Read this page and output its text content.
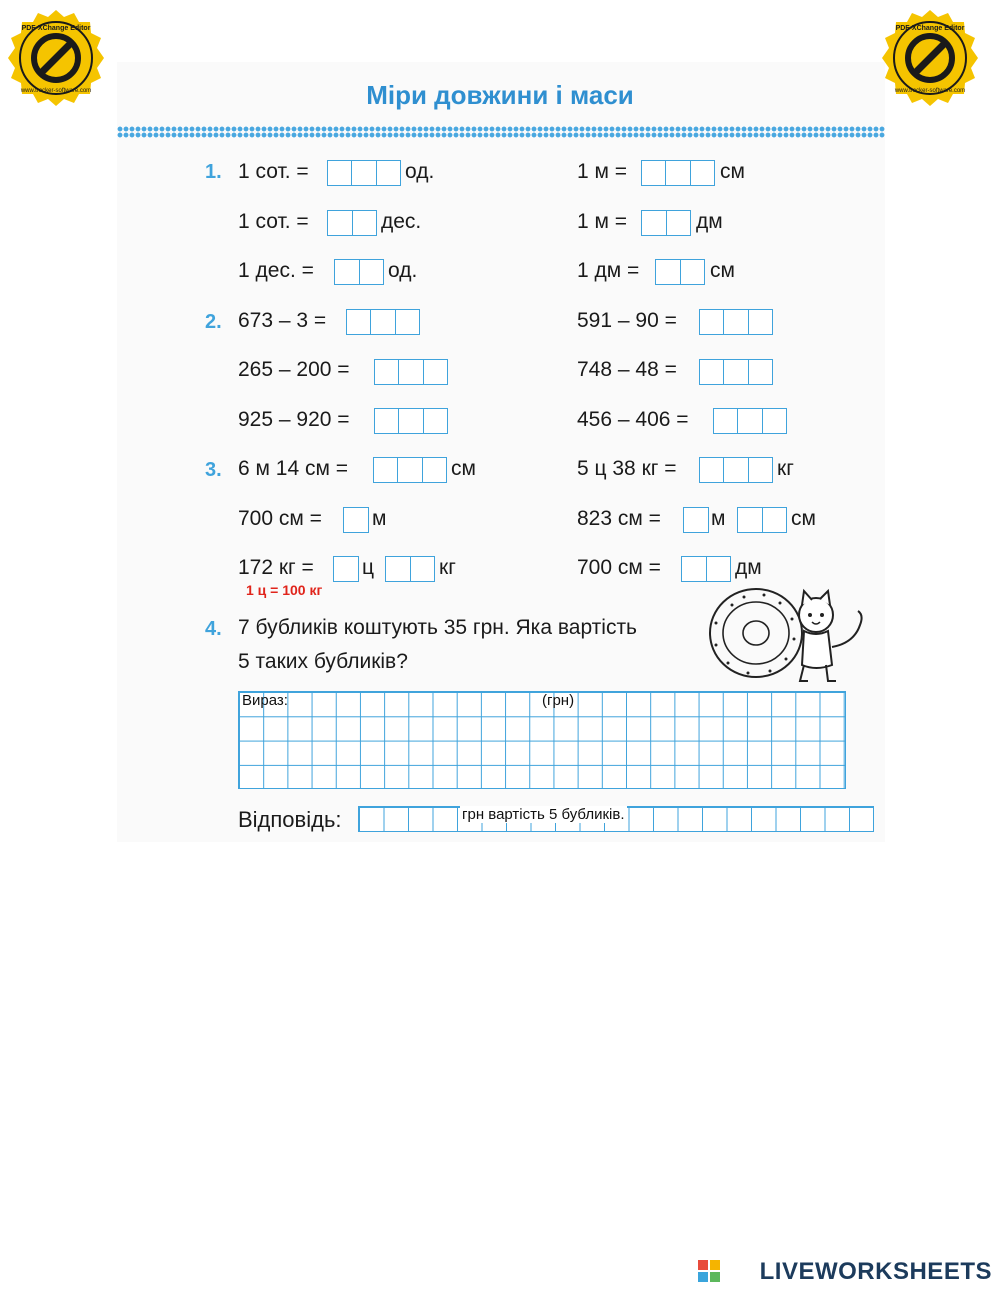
Міри довжини і маси
1. 1 сот. =	од.	1 м =	см
1 сот. =	дес.	1 м =	дм
1 дес. =	од.	1 дм =	см
2. 673 – 3 =	591 – 90 =
265 – 200 =	748 – 48 =
925 – 920 =	456 – 406 =
3. 6 м 14 см =	см	5 ц 38 кг =	кг
700 см = м	823 см = м	см
172 кг = ц	кг	700 см =	дм
1 ц = 100 кг
4. 7 бубликів коштують 35 грн. Яка вартість
5 таких бубликів?
Вираз:	(грн)
Відповідь:	грн вартість 5 бубликів.
PDF-XChange Editor
www.tracker-software.com
PDF-XChange Editor
www.tracker-software.com
LIVEWORKSHEETS
